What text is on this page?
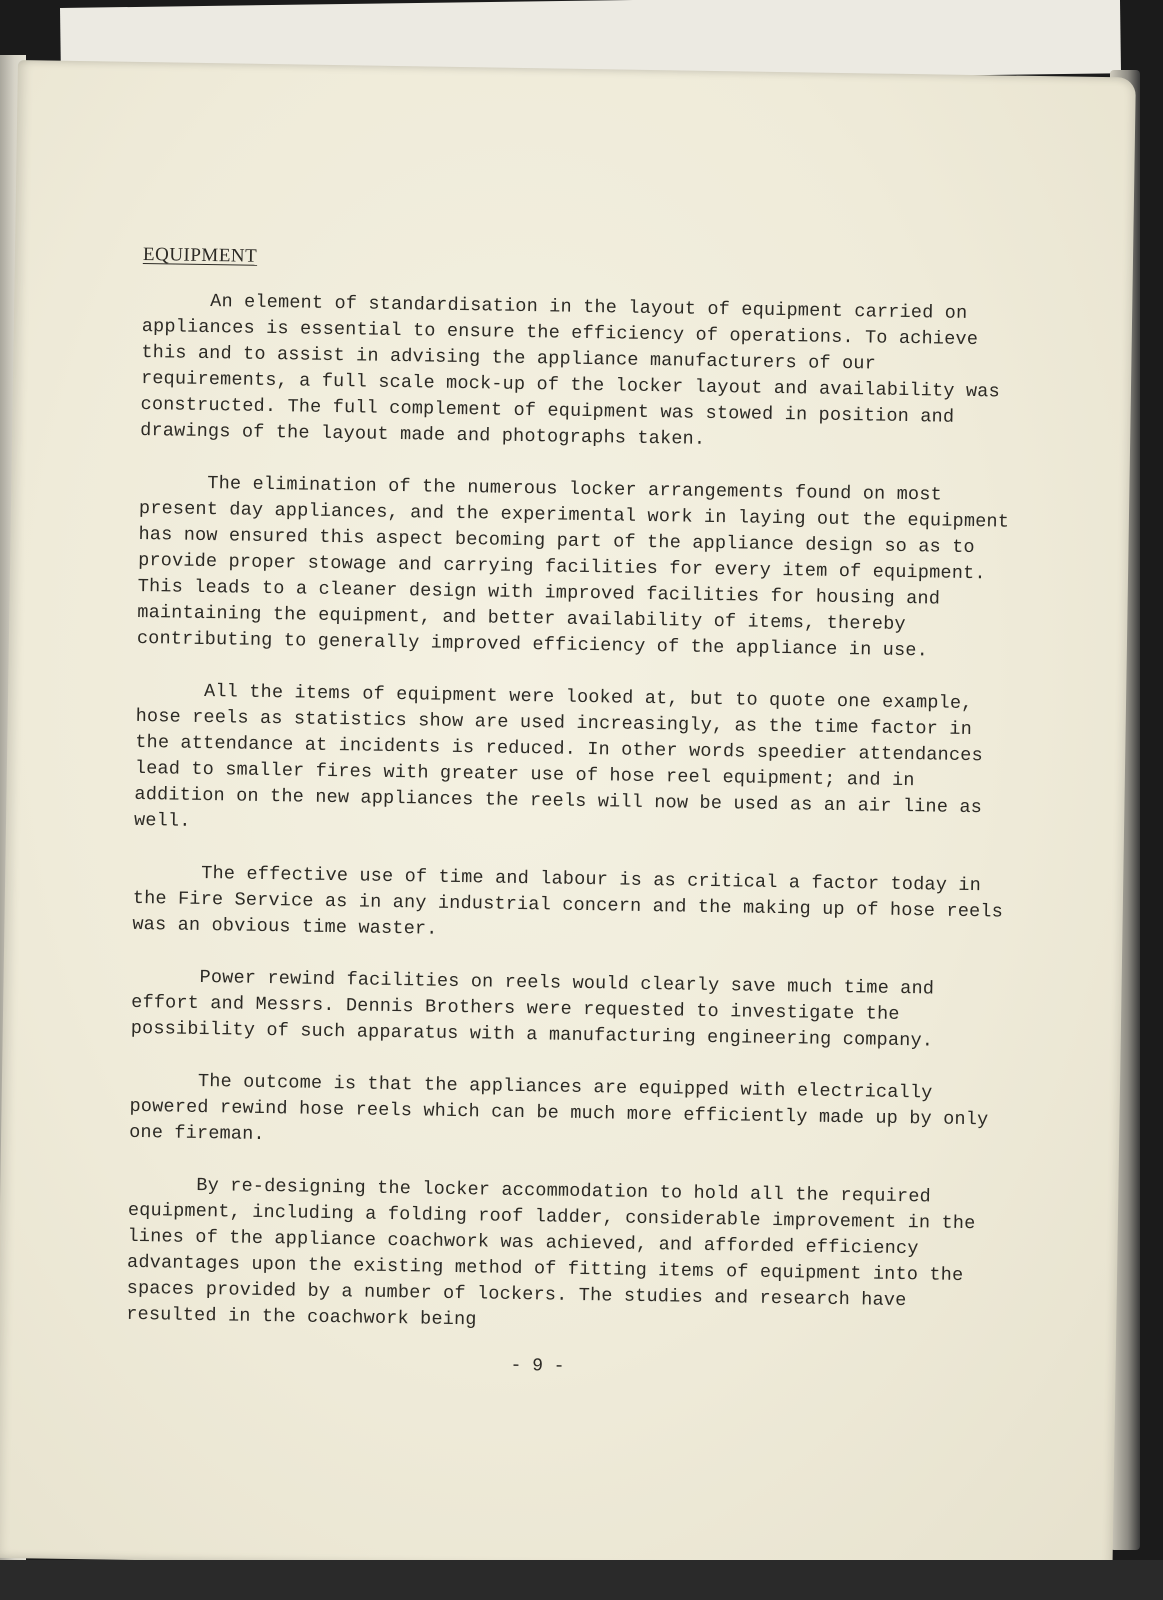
EQUIPMENT

An element of standardisation in the layout of equipment carried on appliances is essential to ensure the efficiency of operations. To achieve this and to assist in advising the appliance manufacturers of our requirements, a full scale mock-up of the locker layout and availability was constructed. The full complement of equipment was stowed in position and drawings of the layout made and photographs taken.

The elimination of the numerous locker arrangements found on most present day appliances, and the experimental work in laying out the equipment has now ensured this aspect becoming part of the appliance design so as to provide proper stowage and carrying facilities for every item of equipment. This leads to a cleaner design with improved facilities for housing and maintaining the equipment, and better availability of items, thereby contributing to generally improved efficiency of the appliance in use.

All the items of equipment were looked at, but to quote one example, hose reels as statistics show are used increasingly, as the time factor in the attendance at incidents is reduced. In other words speedier attendances lead to smaller fires with greater use of hose reel equipment; and in addition on the new appliances the reels will now be used as an air line as well.

The effective use of time and labour is as critical a factor today in the Fire Service as in any industrial concern and the making up of hose reels was an obvious time waster.

Power rewind facilities on reels would clearly save much time and effort and Messrs. Dennis Brothers were requested to investigate the possibility of such apparatus with a manufacturing engineering company.

The outcome is that the appliances are equipped with electrically powered rewind hose reels which can be much more efficiently made up by only one fireman.

By re-designing the locker accommodation to hold all the required equipment, including a folding roof ladder, considerable improvement in the lines of the appliance coachwork was achieved, and afforded efficiency advantages upon the existing method of fitting items of equipment into the spaces provided by a number of lockers. The studies and research have resulted in the coachwork being

- 9 -
